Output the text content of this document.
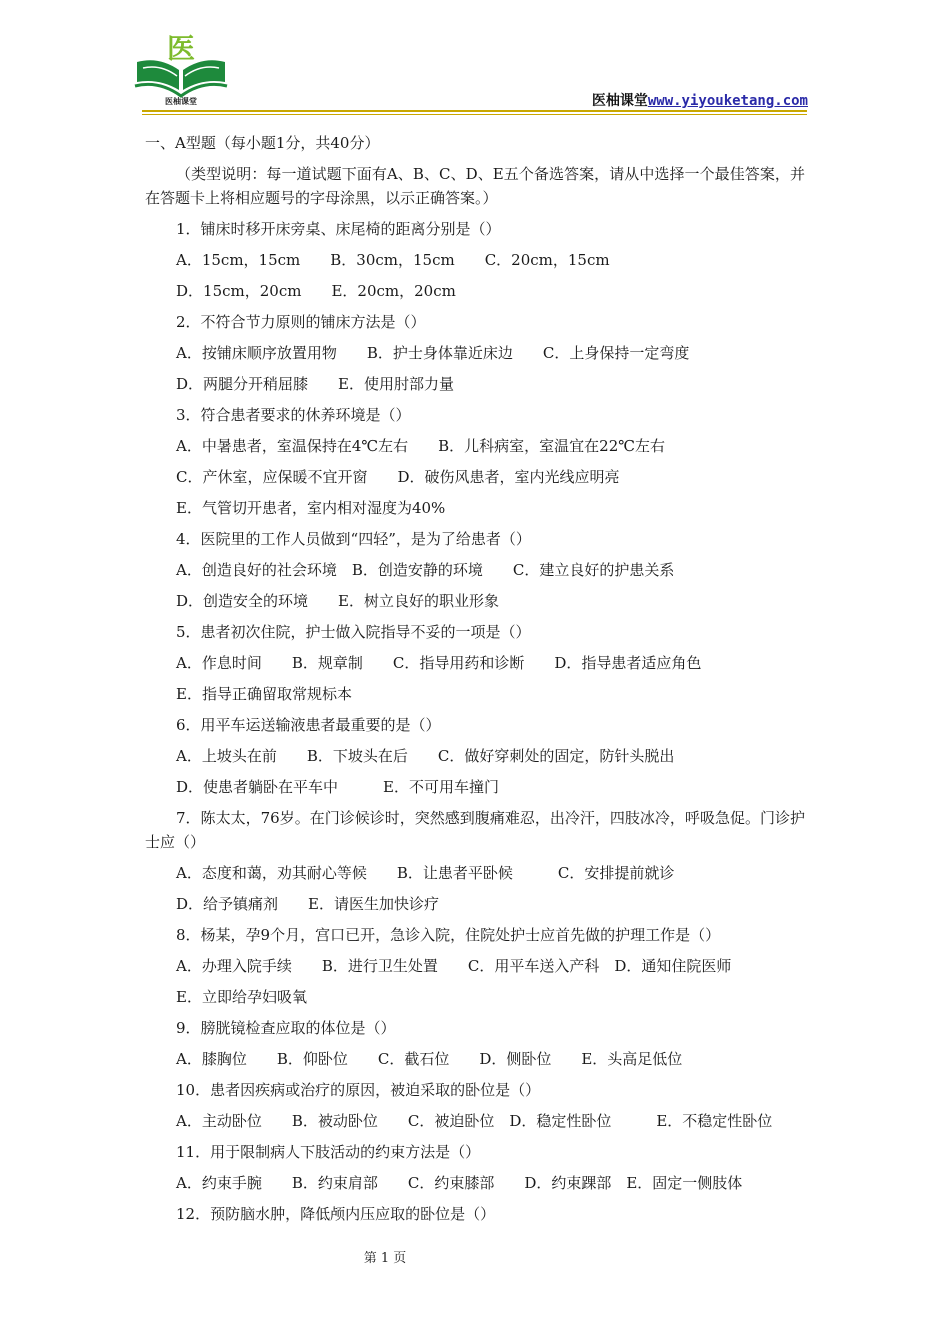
医
医柚课堂	医柚课堂www.yiyouketang.com
一、A型题（每小题1分，共40分）
（类型说明：每一道试题下面有A、B、C、D、E五个备选答案，请从中选择一个最佳答案，并在答题卡上将相应题号的字母涂黑，以示正确答案。）
1．铺床时移开床旁桌、床尾椅的距离分别是（）
A．15cm，15cm　　B．30cm，15cm　　C．20cm，15cm
D．15cm，20cm　　E．20cm，20cm
2．不符合节力原则的铺床方法是（）
A．按铺床顺序放置用物　　B．护士身体靠近床边　　C．上身保持一定弯度
D．两腿分开稍屈膝　　E．使用肘部力量
3．符合患者要求的休养环境是（）
A．中暑患者，室温保持在4℃左右　　B．儿科病室，室温宜在22℃左右
C．产休室，应保暖不宜开窗　　D．破伤风患者，室内光线应明亮
E．气管切开患者，室内相对湿度为40%
4．医院里的工作人员做到“四轻”，是为了给患者（）
A．创造良好的社会环境　B．创造安静的环境　　C．建立良好的护患关系
D．创造安全的环境　　E．树立良好的职业形象
5．患者初次住院，护士做入院指导不妥的一项是（）
A．作息时间　　B．规章制　　C．指导用药和诊断　　D．指导患者适应角色
E．指导正确留取常规标本
6．用平车运送输液患者最重要的是（）
A．上坡头在前　　B．下坡头在后　　C．做好穿刺处的固定，防针头脱出
D．使患者躺卧在平车中　　　E．不可用车撞门
7．陈太太，76岁。在门诊候诊时，突然感到腹痛难忍，出冷汗，四肢冰冷，呼吸急促。门诊护士应（）
A．态度和蔼，劝其耐心等候　　B．让患者平卧候　　　C．安排提前就诊
D．给予镇痛剂　　E．请医生加快诊疗
8．杨某，孕9个月，宫口已开，急诊入院，住院处护士应首先做的护理工作是（）
A．办理入院手续　　B．进行卫生处置　　C．用平车送入产科　D．通知住院医师
E．立即给孕妇吸氧
9．膀胱镜检查应取的体位是（）
A．膝胸位　　B．仰卧位　　C．截石位　　D．侧卧位　　E．头高足低位
10．患者因疾病或治疗的原因，被迫采取的卧位是（）
A．主动卧位　　B．被动卧位　　C．被迫卧位　D．稳定性卧位　　　E．不稳定性卧位
11．用于限制病人下肢活动的约束方法是（）
A．约束手腕　　B．约束肩部　　C．约束膝部　　D．约束踝部　E．固定一侧肢体
12．预防脑水肿，降低颅内压应取的卧位是（）
第 1 页
